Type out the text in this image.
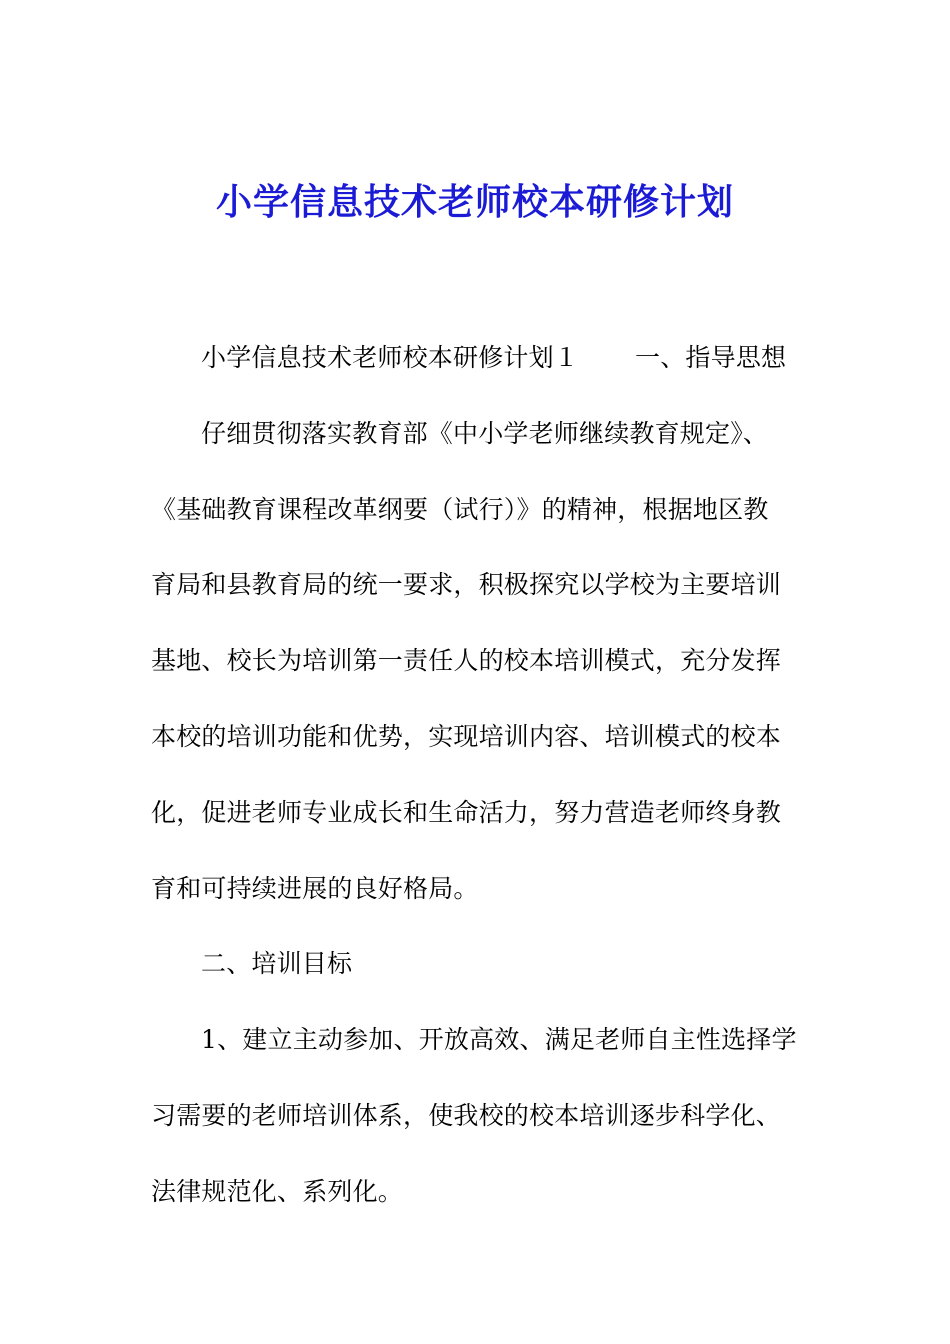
小学信息技术老师校本研修计划
小学信息技术老师校本研修计划１ 一、指导思想
仔细贯彻落实教育部《中小学老师继续教育规定》、
《基础教育课程改革纲要（试行）》的精神，根据地区教
育局和县教育局的统一要求，积极探究以学校为主要培训
基地、校长为培训第一责任人的校本培训模式，充分发挥
本校的培训功能和优势，实现培训内容、培训模式的校本
化，促进老师专业成长和生命活力，努力营造老师终身教
育和可持续进展的良好格局。
二、培训目标
1、建立主动参加、开放高效、满足老师自主性选择学
习需要的老师培训体系，使我校的校本培训逐步科学化、
法律规范化、系列化。
